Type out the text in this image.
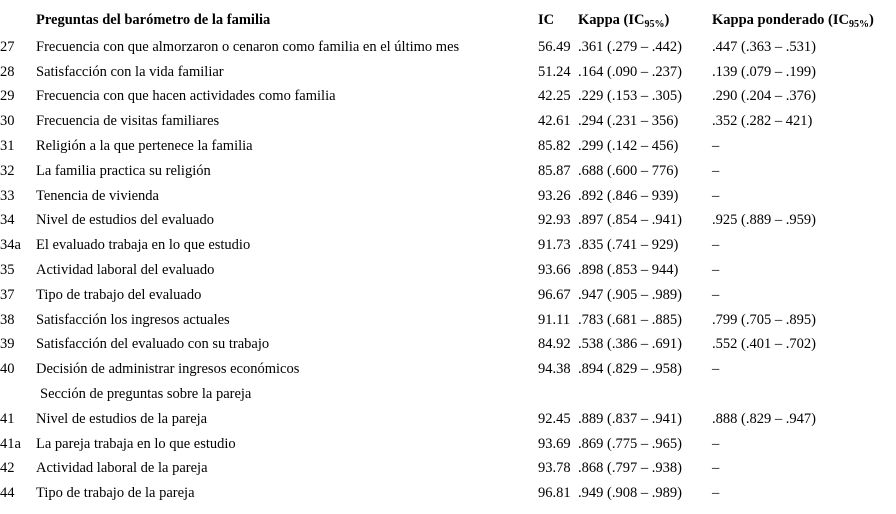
	Preguntas del barómetro de la familia	IC	Kappa $(IC_{95\%})$	Kappa ponderado $(IC_{95\%})$
27	Frecuencia con que almorzaron o cenaron como familia en el último mes	56.49	.361 (.279 – .442)	.447 (.363 – .531)
28	Satisfacción con la vida familiar	51.24	.164 (.090 – .237)	.139 (.079 – .199)
29	Frecuencia con que hacen actividades como familia	42.25	.229 (.153 – .305)	.290 (.204 – .376)
30	Frecuencia de visitas familiares	42.61	.294 (.231 – 356)	.352 (.282 – 421)
31	Religión a la que pertenece la familia	85.82	.299 (.142 – 456)	–
32	La familia practica su religión	85.87	.688 (.600 – 776)	–
33	Tenencia de vivienda	93.26	.892 (.846 – 939)	–
34	Nivel de estudios del evaluado	92.93	.897 (.854 – .941)	.925 (.889 – .959)
34a	El evaluado trabaja en lo que estudio	91.73	.835 (.741 – 929)	–
35	Actividad laboral del evaluado	93.66	.898 (.853 – 944)	–
37	Tipo de trabajo del evaluado	96.67	.947 (.905 – .989)	–
38	Satisfacción los ingresos actuales	91.11	.783 (.681 – .885)	.799 (.705 – .895)
39	Satisfacción del evaluado con su trabajo	84.92	.538 (.386 – .691)	.552 (.401 – .702)
40	Decisión de administrar ingresos económicos	94.38	.894 (.829 – .958)	–
	Sección de preguntas sobre la pareja			
41	Nivel de estudios de la pareja	92.45	.889 (.837 – .941)	.888 (.829 – .947)
41a	La pareja trabaja en lo que estudio	93.69	.869 (.775 – .965)	–
42	Actividad laboral de la pareja	93.78	.868 (.797 – .938)	–
44	Tipo de trabajo de la pareja	96.81	.949 (.908 – .989)	–
